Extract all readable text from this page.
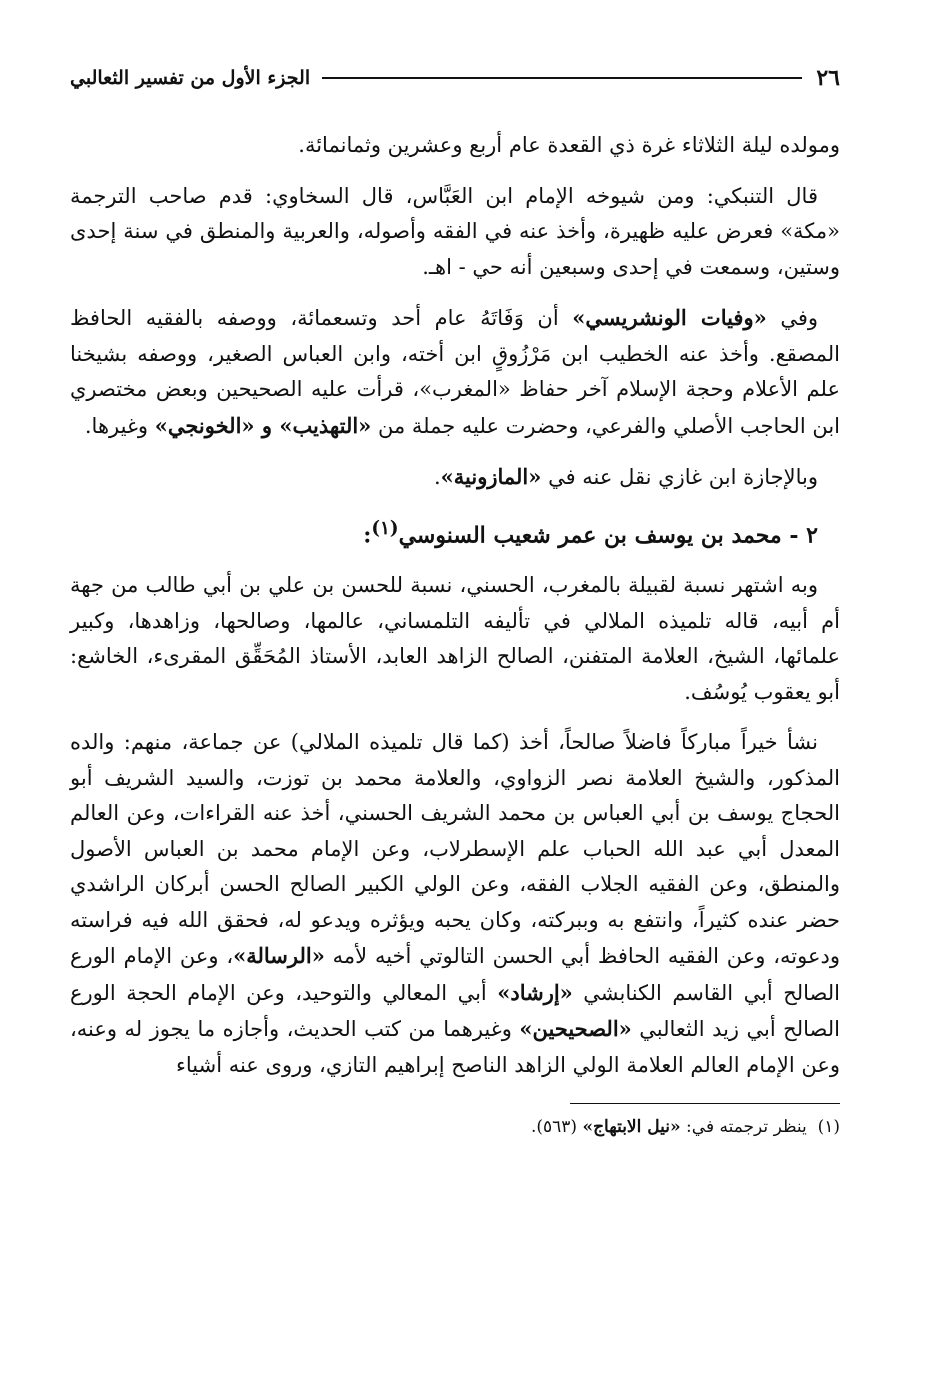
٢٦
الجزء الأول من تفسير الثعالبي

ومولده ليلة الثلاثاء غرة ذي القعدة عام أربع وعشرين وثمانمائة.

قال التنبكي: ومن شيوخه الإمام ابن العَبَّاس، قال السخاوي: قدم صاحب الترجمة «مكة» فعرض عليه ظهيرة، وأخذ عنه في الفقه وأصوله، والعربية والمنطق في سنة إحدى وستين، وسمعت في إحدى وسبعين أنه حي - اهـ.

وفي «وفيات الونشريسي» أن وَفَاتَهُ عام أحد وتسعمائة، ووصفه بالفقيه الحافظ المصقع. وأخذ عنه الخطيب ابن مَرْزُوقٍ ابن أخته، وابن العباس الصغير، ووصفه بشيخنا علم الأعلام وحجة الإسلام آخر حفاظ «المغرب»، قرأت عليه الصحيحين وبعض مختصري ابن الحاجب الأصلي والفرعي، وحضرت عليه جملة من «التهذيب» و «الخونجي» وغيرها.

وبالإجازة ابن غازي نقل عنه في «المازونية».

٢ - محمد بن يوسف بن عمر شعيب السنوسي$^{(١)}$:

وبه اشتهر نسبة لقبيلة بالمغرب، الحسني، نسبة للحسن بن علي بن أبي طالب من جهة أم أبيه، قاله تلميذه الملالي في تأليفه التلمساني، عالمها، وصالحها، وزاهدها، وكبير علمائها، الشيخ، العلامة المتفنن، الصالح الزاهد العابد، الأستاذ المُحَقِّق المقرىء، الخاشع: أبو يعقوب يُوسُف.

نشأ خيراً مباركاً فاضلاً صالحاً، أخذ (كما قال تلميذه الملالي) عن جماعة، منهم: والده المذكور، والشيخ العلامة نصر الزواوي، والعلامة محمد بن توزت، والسيد الشريف أبو الحجاج يوسف بن أبي العباس بن محمد الشريف الحسني، أخذ عنه القراءات، وعن العالم المعدل أبي عبد الله الحباب علم الإسطرلاب، وعن الإمام محمد بن العباس الأصول والمنطق، وعن الفقيه الجلاب الفقه، وعن الولي الكبير الصالح الحسن أبركان الراشدي حضر عنده كثيراً، وانتفع به وببركته، وكان يحبه ويؤثره ويدعو له، فحقق الله فيه فراسته ودعوته، وعن الفقيه الحافظ أبي الحسن التالوتي أخيه لأمه «الرسالة»، وعن الإمام الورع الصالح أبي القاسم الكنابشي «إرشاد» أبي المعالي والتوحيد، وعن الإمام الحجة الورع الصالح أبي زيد الثعالبي «الصحيحين» وغيرهما من كتب الحديث، وأجازه ما يجوز له وعنه، وعن الإمام العالم العلامة الولي الزاهد الناصح إبراهيم التازي، وروى عنه أشياء

(١)  ينظر ترجمته في: «نيل الابتهاج» (٥٦٣).
